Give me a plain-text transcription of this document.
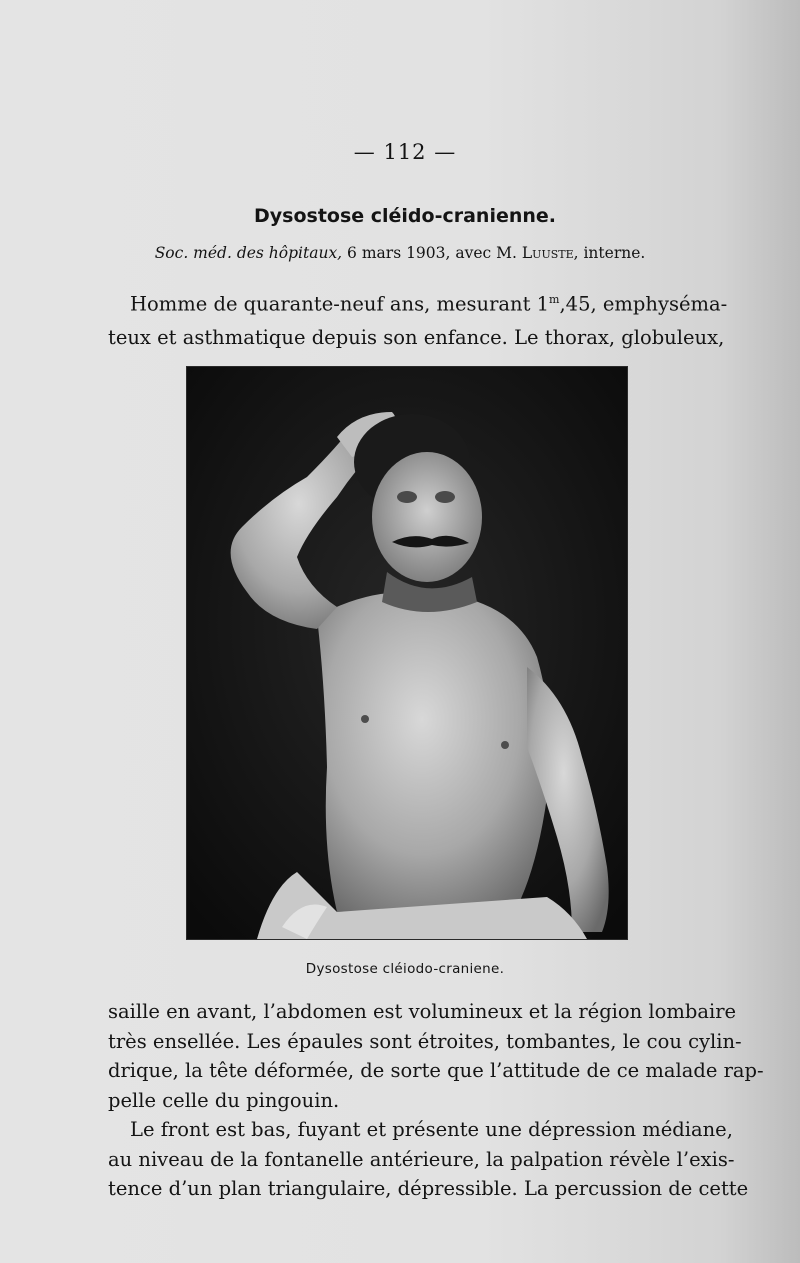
— 112 —
Dysostose cléido-cranienne.
Soc. méd. des hôpitaux, 6 mars 1903, avec M. Luuste, interne.
Homme de quarante-neuf ans, mesurant 1$^m$,45, emphyséma-
teux et asthmatique depuis son enfance. Le thorax, globuleux,
Dysostose cléiodo-craniene.
saille en avant, l’abdomen est volumineux et la région lombaire
très ensellée. Les épaules sont étroites, tombantes, le cou cylin-
drique, la tête déformée, de sorte que l’attitude de ce malade rap-
pelle celle du pingouin.
Le front est bas, fuyant et présente une dépression médiane,
au niveau de la fontanelle antérieure, la palpation révèle l’exis-
tence d’un plan triangulaire, dépressible. La percussion de cette
